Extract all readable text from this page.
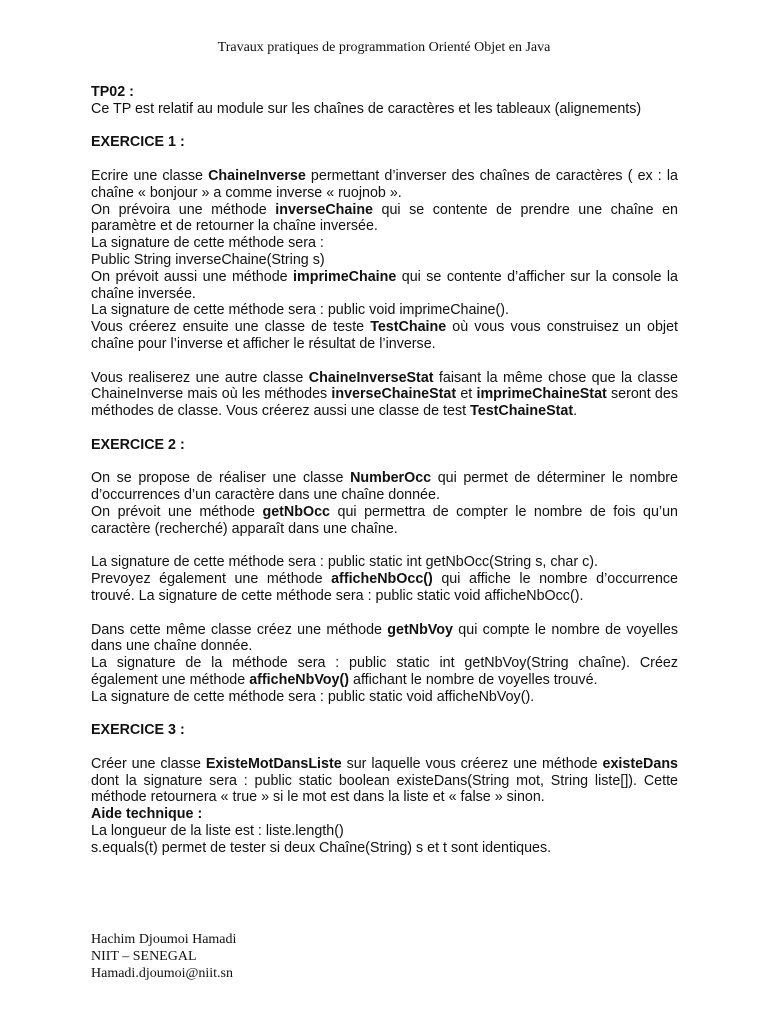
Travaux pratiques de programmation Orienté Objet en Java

TP02 :

Ce TP est relatif au module sur les chaînes de caractères et les tableaux (alignements)

EXERCICE 1 :

Ecrire une classe ChaineInverse permettant d’inverser des chaînes de caractères ( ex : la chaîne « bonjour » a comme inverse « ruojnob ».

On prévoira une méthode inverseChaine qui se contente de prendre une chaîne en paramètre et de retourner la chaîne inversée.

La signature de cette méthode sera :

Public String inverseChaine(String s)

On prévoit aussi une méthode imprimeChaine qui se contente d’afficher sur la console la chaîne inversée.

La signature de cette méthode sera : public void imprimeChaine().

Vous créerez ensuite une classe de teste TestChaine où vous vous construisez un objet chaîne pour l’inverse et afficher le résultat de l’inverse.

Vous realiserez une autre classe ChaineInverseStat faisant la même chose que la classe ChaineInverse mais où les méthodes inverseChaineStat et imprimeChaineStat seront des méthodes de classe. Vous créerez aussi une classe de test TestChaineStat.

EXERCICE 2 :

On se propose de réaliser une classe NumberOcc qui permet de déterminer le nombre d’occurrences d’un caractère dans une chaîne donnée.

On prévoit une méthode getNbOcc qui permettra de compter le nombre de fois qu’un caractère (recherché) apparaît dans une chaîne.

La signature de cette méthode sera : public static int getNbOcc(String s, char c).

Prevoyez également une méthode afficheNbOcc() qui affiche le nombre d’occurrence trouvé. La signature de cette méthode sera : public static void afficheNbOcc().

Dans cette même classe créez une méthode getNbVoy qui compte le nombre de voyelles dans une chaîne donnée.

La signature de la méthode sera : public static int getNbVoy(String chaîne). Créez également une méthode afficheNbVoy() affichant le nombre de voyelles trouvé.

La signature de cette méthode sera : public static void afficheNbVoy().

EXERCICE 3 :

Créer une classe ExisteMotDansListe sur laquelle vous créerez une méthode existeDans dont la signature sera : public static boolean existeDans(String mot, String liste[]). Cette méthode retournera « true » si le mot est dans la liste et « false » sinon.

Aide technique :

La longueur de la liste est : liste.length()

s.equals(t) permet de tester si deux Chaîne(String) s et t sont identiques.

Hachim Djoumoi Hamadi
NIIT – SENEGAL
Hamadi.djoumoi@niit.sn
